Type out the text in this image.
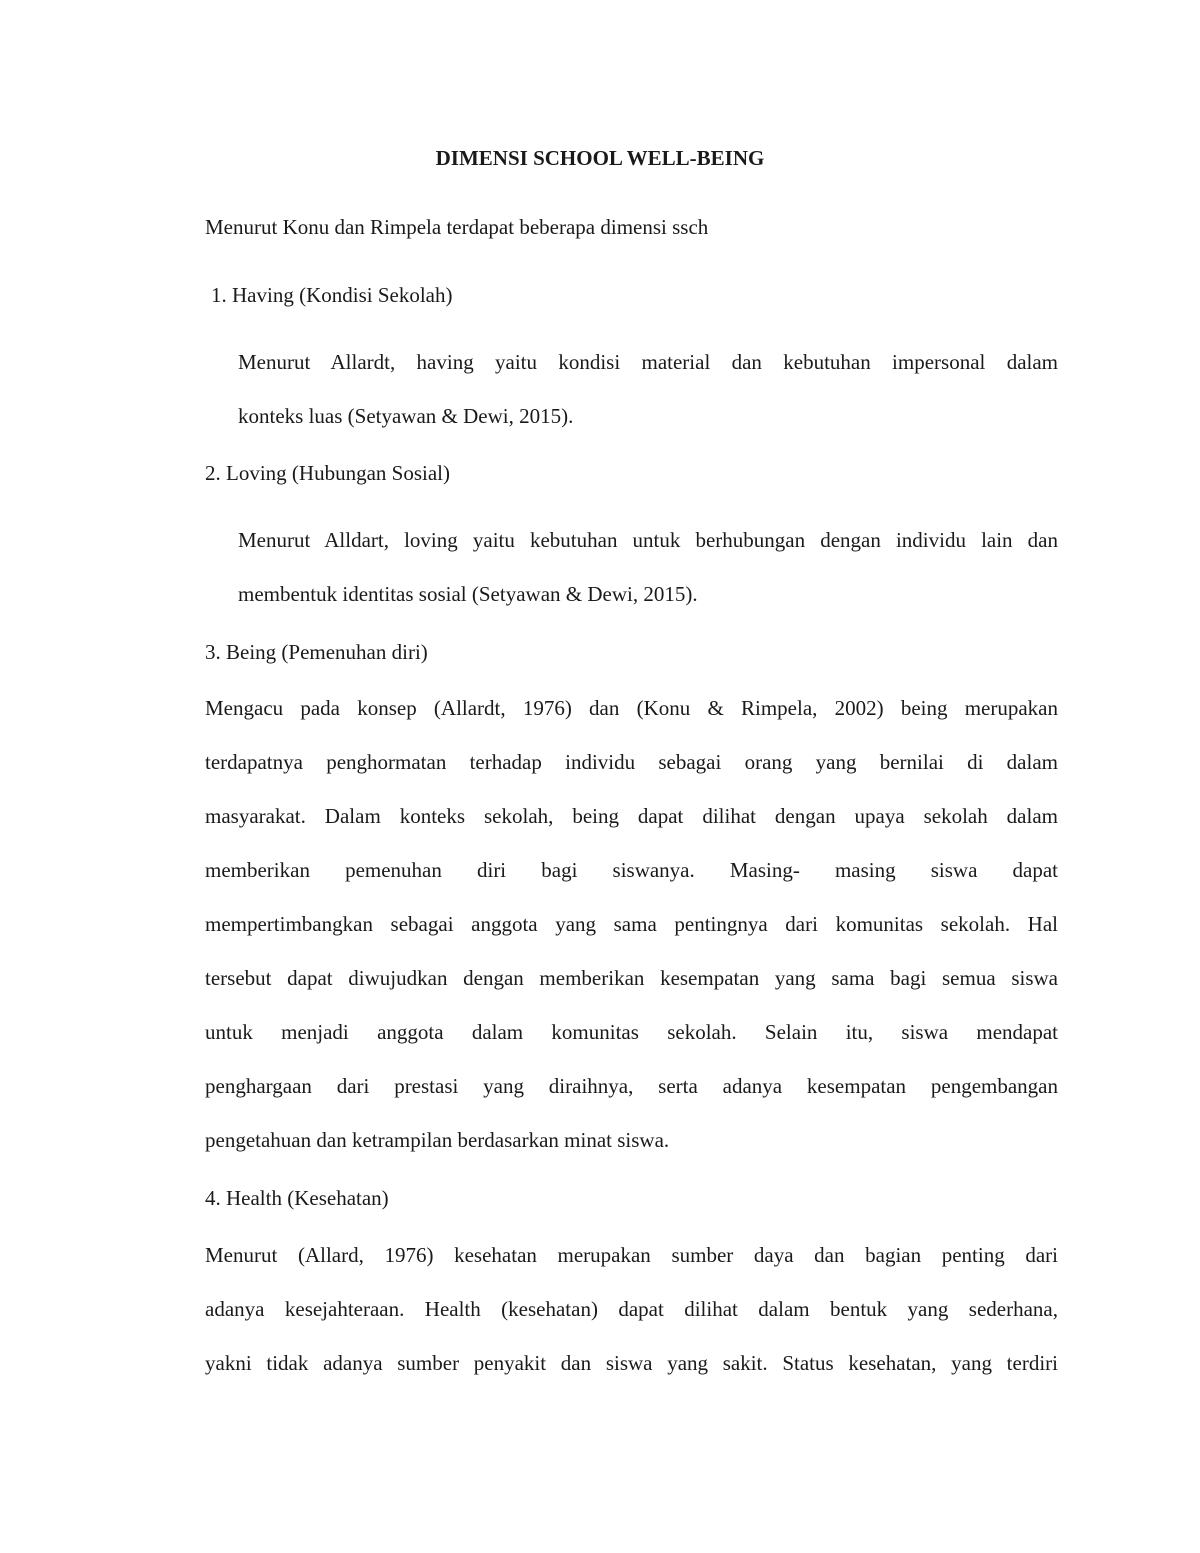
DIMENSI SCHOOL WELL-BEING
Menurut Konu dan Rimpela terdapat beberapa dimensi ssch
1. Having (Kondisi Sekolah)
Menurut Allardt, having yaitu kondisi material dan kebutuhan impersonal dalam
konteks luas (Setyawan & Dewi, 2015).
2. Loving (Hubungan Sosial)
Menurut Alldart, loving yaitu kebutuhan untuk berhubungan dengan individu lain dan
membentuk identitas sosial (Setyawan & Dewi, 2015).
3. Being (Pemenuhan diri)
Mengacu pada konsep (Allardt, 1976) dan (Konu & Rimpela, 2002) being merupakan
terdapatnya penghormatan terhadap individu sebagai orang yang bernilai di dalam
masyarakat. Dalam konteks sekolah, being dapat dilihat dengan upaya sekolah dalam
memberikan pemenuhan diri bagi siswanya. Masing- masing siswa dapat
mempertimbangkan sebagai anggota yang sama pentingnya dari komunitas sekolah. Hal
tersebut dapat diwujudkan dengan memberikan kesempatan yang sama bagi semua siswa
untuk menjadi anggota dalam komunitas sekolah. Selain itu, siswa mendapat
penghargaan dari prestasi yang diraihnya, serta adanya kesempatan pengembangan
pengetahuan dan ketrampilan berdasarkan minat siswa.
4. Health (Kesehatan)
Menurut (Allard, 1976) kesehatan merupakan sumber daya dan bagian penting dari
adanya kesejahteraan. Health (kesehatan) dapat dilihat dalam bentuk yang sederhana,
yakni tidak adanya sumber penyakit dan siswa yang sakit. Status kesehatan, yang terdiri
